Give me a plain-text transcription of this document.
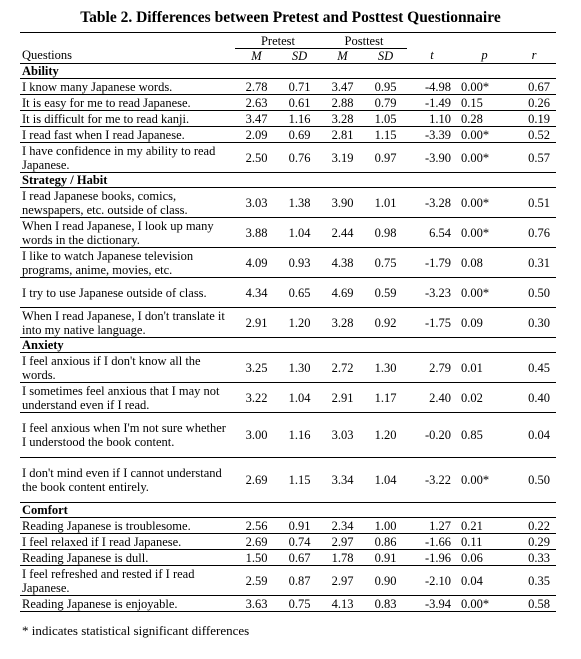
Table 2. Differences between Pretest and Posttest Questionnaire
	Pretest		Posttest				
Questions	M	SD	M	SD	t	p	r
Ability							
I know many Japanese words.	2.78	0.71	3.47	0.95	-4.98	0.00*	0.67
It is easy for me to read Japanese.	2.63	0.61	2.88	0.79	-1.49	0.15	0.26
It is difficult for me to read kanji.	3.47	1.16	3.28	1.05	1.10	0.28	0.19
I read fast when I read Japanese.	2.09	0.69	2.81	1.15	-3.39	0.00*	0.52
I have confidence in my ability to read Japanese.	2.50	0.76	3.19	0.97	-3.90	0.00*	0.57
Strategy / Habit							
I read Japanese books, comics, newspapers, etc. outside of class.	3.03	1.38	3.90	1.01	-3.28	0.00*	0.51
When I read Japanese, I look up many words in the dictionary.	3.88	1.04	2.44	0.98	6.54	0.00*	0.76
I like to watch Japanese television programs, anime, movies, etc.	4.09	0.93	4.38	0.75	-1.79	0.08	0.31
I try to use Japanese outside of class.	4.34	0.65	4.69	0.59	-3.23	0.00*	0.50
When I read Japanese, I don't translate it into my native language.	2.91	1.20	3.28	0.92	-1.75	0.09	0.30
Anxiety							
I feel anxious if I don't know all the words.	3.25	1.30	2.72	1.30	2.79	0.01	0.45
I sometimes feel anxious that I may not understand even if I read.	3.22	1.04	2.91	1.17	2.40	0.02	0.40
I feel anxious when I'm not sure whether I understood the book content.	3.00	1.16	3.03	1.20	-0.20	0.85	0.04
I don't mind even if I cannot understand the book content entirely.	2.69	1.15	3.34	1.04	-3.22	0.00*	0.50
Comfort							
Reading Japanese is troublesome.	2.56	0.91	2.34	1.00	1.27	0.21	0.22
I feel relaxed if I read Japanese.	2.69	0.74	2.97	0.86	-1.66	0.11	0.29
Reading Japanese is dull.	1.50	0.67	1.78	0.91	-1.96	0.06	0.33
I feel refreshed and rested if I read Japanese.	2.59	0.87	2.97	0.90	-2.10	0.04	0.35
Reading Japanese is enjoyable.	3.63	0.75	4.13	0.83	-3.94	0.00*	0.58
* indicates statistical significant differences
